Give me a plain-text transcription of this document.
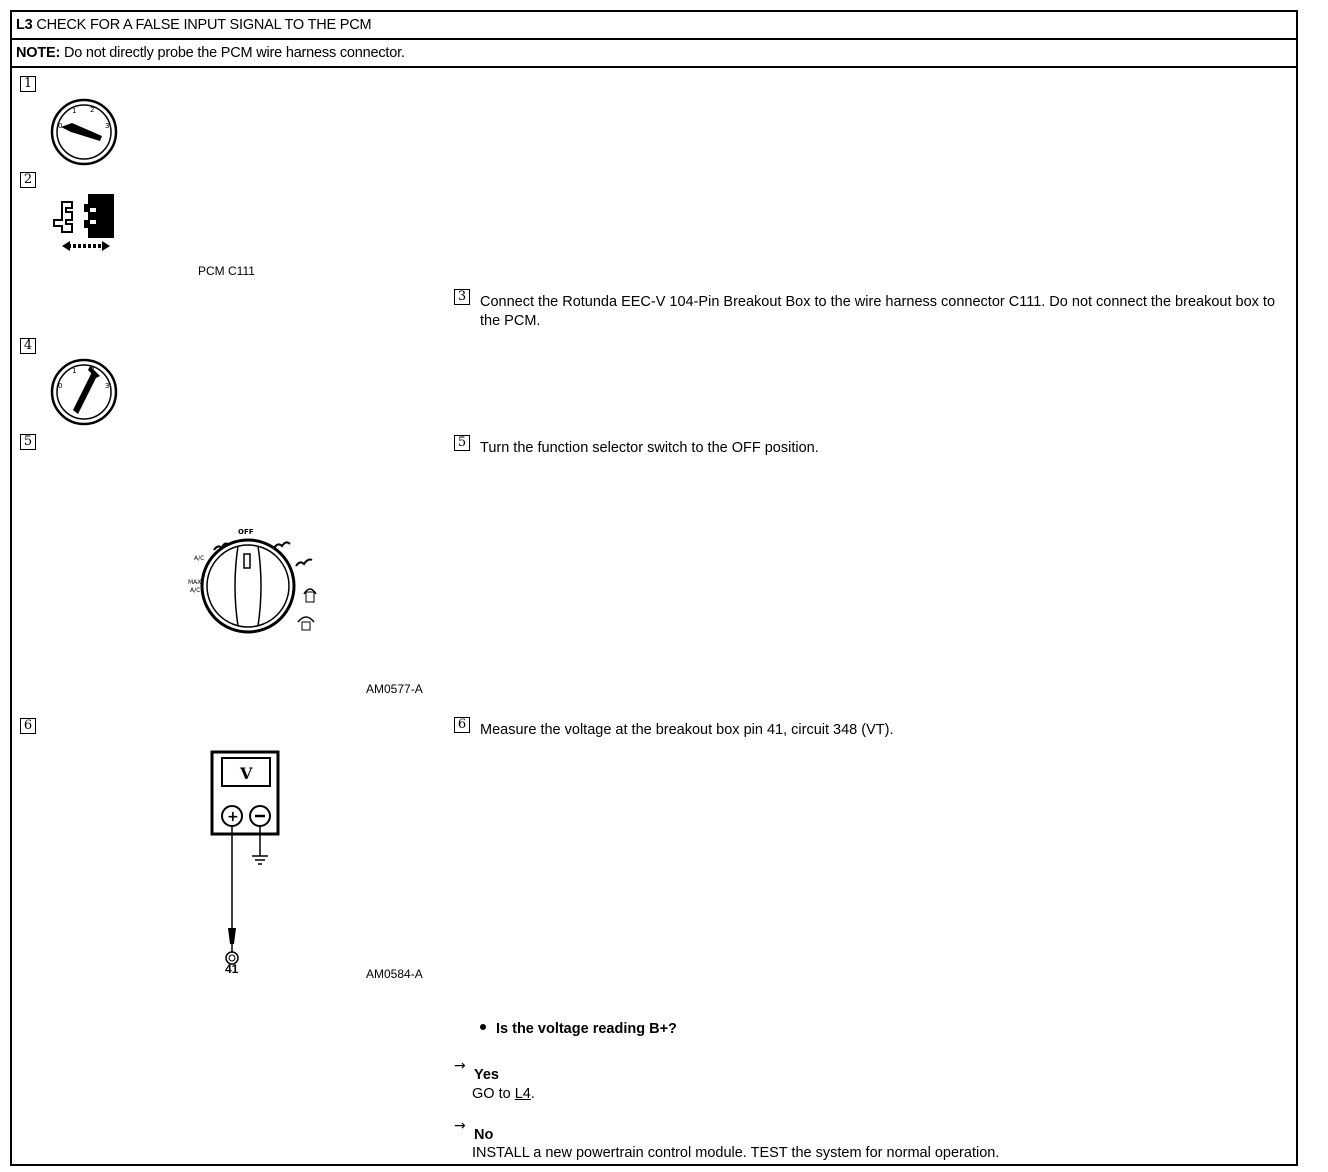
L3 CHECK FOR A FALSE INPUT SIGNAL TO THE PCM
NOTE: Do not directly probe the PCM wire harness connector.
1
0
1 2
3
2
PCM C111
3 Connect the Rotunda EEC-V 104-Pin Breakout Box to the wire harness connector C111. Do not connect the breakout box to the PCM.
4
0
1
3
5	5 Turn the function selector switch to the OFF position.
OFF
A/C
MAX
A/C
AM0577-A
6	6 Measure the voltage at the breakout box pin 41, circuit 348 (VT).
V
+
41	AM0584-A
Is the voltage reading B+?
→
Yes
GO to L4.
→
No
INSTALL a new powertrain control module. TEST the system for normal operation.
